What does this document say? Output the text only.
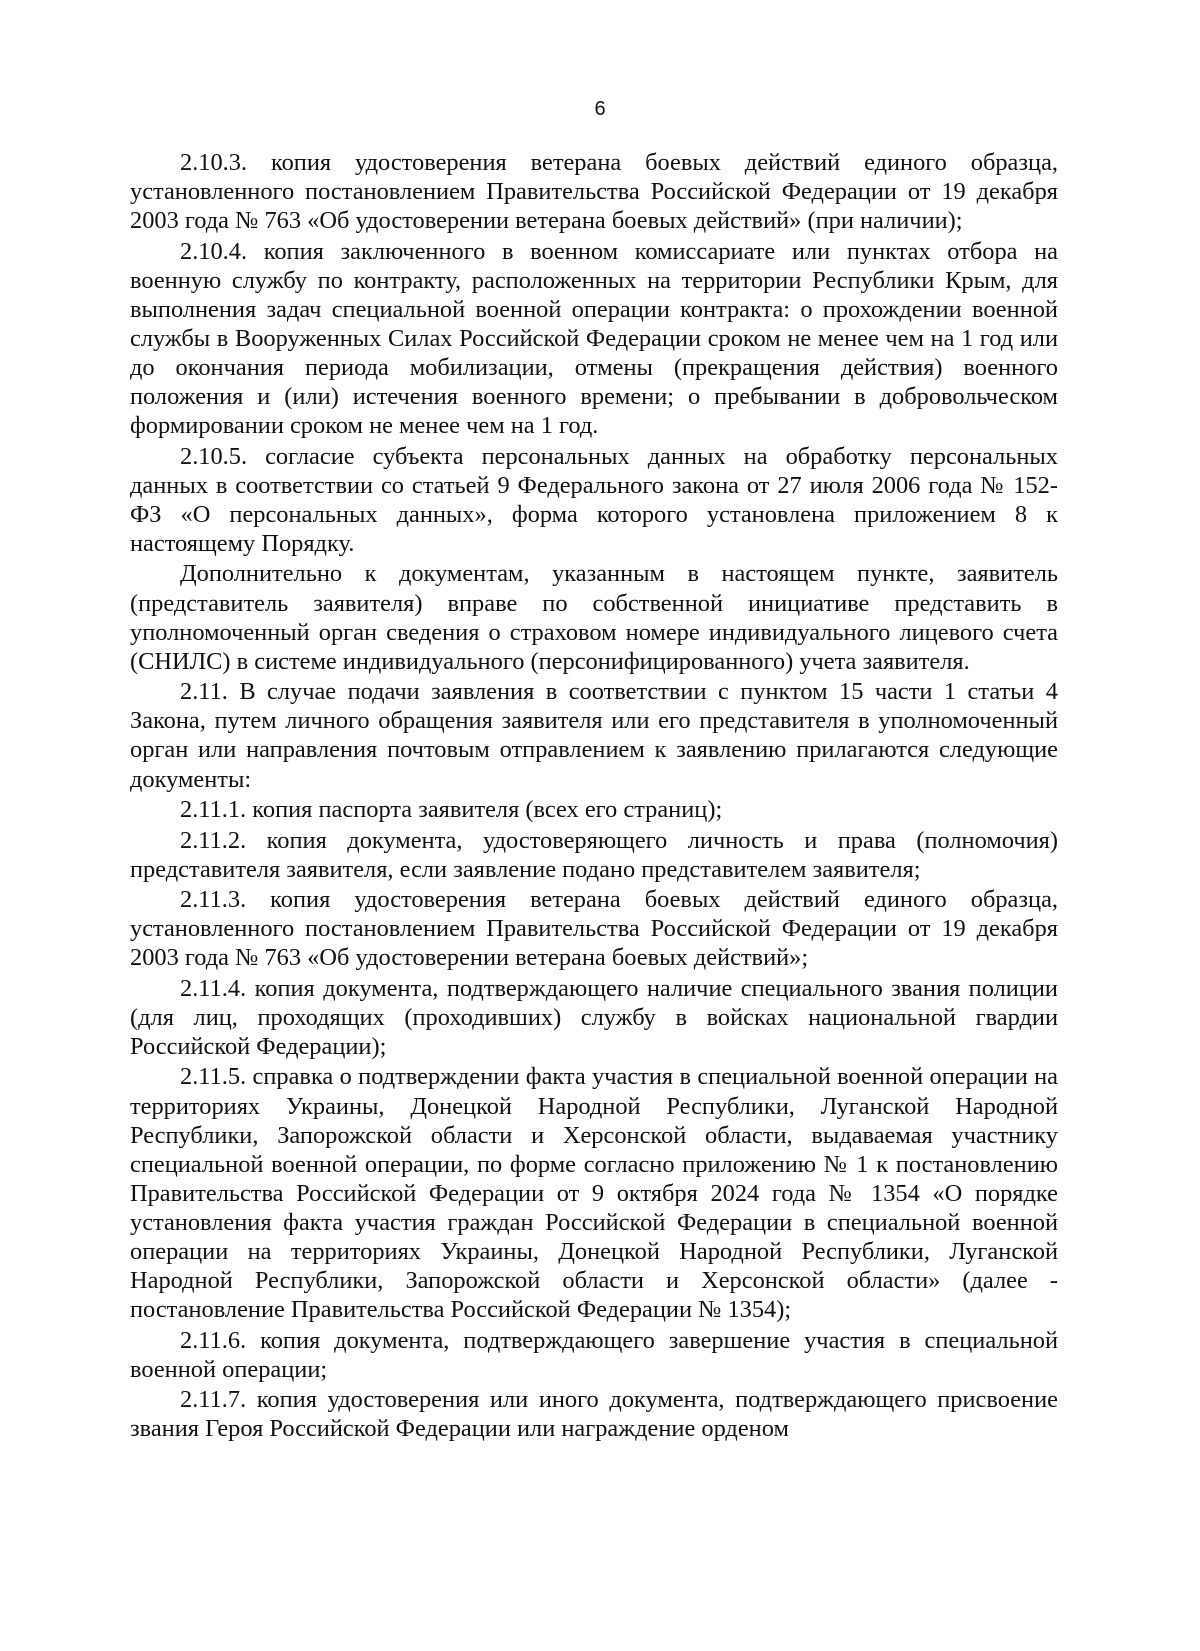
6

2.10.3. копия удостоверения ветерана боевых действий единого образца, установленного постановлением Правительства Российской Федерации от 19 декабря 2003 года № 763 «Об удостоверении ветерана боевых действий» (при наличии);

2.10.4. копия заключенного в военном комиссариате или пунктах отбора на военную службу по контракту, расположенных на территории Республики Крым, для выполнения задач специальной военной операции контракта: о прохождении военной службы в Вооруженных Силах Российской Федерации сроком не менее чем на 1 год или до окончания периода мобилизации, отмены (прекращения действия) военного положения и (или) истечения военного времени; о пребывании в добровольческом формировании сроком не менее чем на 1 год.

2.10.5. согласие субъекта персональных данных на обработку персональных данных в соответствии со статьей 9 Федерального закона от 27 июля 2006 года № 152-ФЗ «О персональных данных», форма которого установлена приложением 8 к настоящему Порядку.

Дополнительно к документам, указанным в настоящем пункте, заявитель (представитель заявителя) вправе по собственной инициативе представить в уполномоченный орган сведения о страховом номере индивидуального лицевого счета (СНИЛС) в системе индивидуального (персонифицированного) учета заявителя.

2.11. В случае подачи заявления в соответствии с пунктом 15 части 1 статьи 4 Закона, путем личного обращения заявителя или его представителя в уполномоченный орган или направления почтовым отправлением к заявлению прилагаются следующие документы:

2.11.1. копия паспорта заявителя (всех его страниц);

2.11.2. копия документа, удостоверяющего личность и права (полномочия) представителя заявителя, если заявление подано представителем заявителя;

2.11.3. копия удостоверения ветерана боевых действий единого образца, установленного постановлением Правительства Российской Федерации от 19 декабря 2003 года № 763 «Об удостоверении ветерана боевых действий»;

2.11.4. копия документа, подтверждающего наличие специального звания полиции (для лиц, проходящих (проходивших) службу в войсках национальной гвардии Российской Федерации);

2.11.5. справка о подтверждении факта участия в специальной военной операции на территориях Украины, Донецкой Народной Республики, Луганской Народной Республики, Запорожской области и Херсонской области, выдаваемая участнику специальной военной операции, по форме согласно приложению № 1 к постановлению Правительства Российской Федерации от 9 октября 2024 года № 1354 «О порядке установления факта участия граждан Российской Федерации в специальной военной операции на территориях Украины, Донецкой Народной Республики, Луганской Народной Республики, Запорожской области и Херсонской области» (далее - постановление Правительства Российской Федерации № 1354);

2.11.6. копия документа, подтверждающего завершение участия в специальной военной операции;

2.11.7. копия удостоверения или иного документа, подтверждающего присвоение звания Героя Российской Федерации или награждение орденом
